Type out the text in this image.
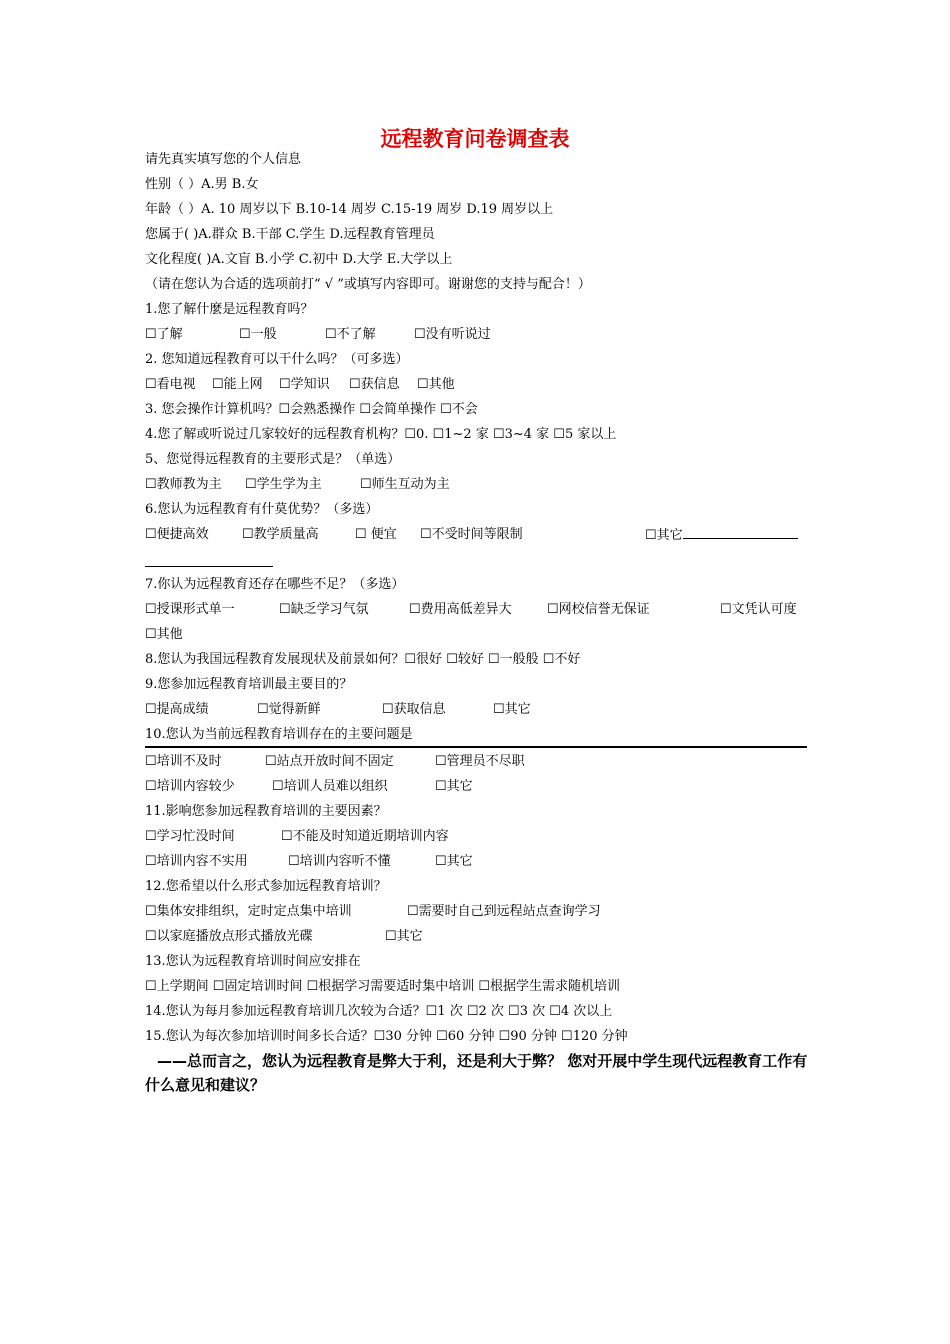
远程教育问卷调查表
请先真实填写您的个人信息
性别（ ）A.男 B.女
年龄（ ）A. 10 周岁以下 B.10-14 周岁 C.15-19 周岁 D.19 周岁以上
您属于( )A.群众 B.干部 C.学生 D.远程教育管理员
文化程度( )A.文盲 B.小学 C.初中 D.大学 E.大学以上
（请在您认为合适的选项前打“ √ ”或填写内容即可。谢谢您的支持与配合！）
1.您了解什麼是远程教育吗？
☐了解	☐一般	☐不了解	☐没有听说过
2. 您知道远程教育可以干什么吗？（可多选）
☐看电视 ☐能上网 ☐学知识 ☐获信息 ☐其他
3. 您会操作计算机吗？☐会熟悉操作 ☐会简单操作 ☐不会
4.您了解或听说过几家较好的远程教育机构？☐0. ☐1~2 家 ☐3~4 家 ☐5 家以上
5、您觉得远程教育的主要形式是？（单选）
☐教师教为主 ☐学生学为主	☐师生互动为主
6.您认为远程教育有什莫优势？（多选）
☐便捷高效	☐教学质量高	☐ 便宜 ☐不受时间等限制	☐其它
7.你认为远程教育还存在哪些不足？（多选）
☐授课形式单一	☐缺乏学习气氛	☐费用高低差异大	☐网校信誉无保证	☐文凭认可度
☐其他
8.您认为我国远程教育发展现状及前景如何？☐很好 ☐较好 ☐一般般 ☐不好
9.您参加远程教育培训最主要目的？
☐提高成绩	☐觉得新鲜	☐获取信息	☐其它
10.您认为当前远程教育培训存在的主要问题是
☐培训不及时	☐站点开放时间不固定	☐管理员不尽职
☐培训内容较少	☐培训人员难以组织	☐其它
11.影响您参加远程教育培训的主要因素？
☐学习忙没时间	☐不能及时知道近期培训内容
☐培训内容不实用	☐培训内容听不懂	☐其它
12.您希望以什么形式参加远程教育培训？
☐集体安排组织，定时定点集中培训	☐需要时自己到远程站点查询学习
☐以家庭播放点形式播放光碟	☐其它
13.您认为远程教育培训时间应安排在
☐上学期间 ☐固定培训时间 ☐根据学习需要适时集中培训 ☐根据学生需求随机培训
14.您认为每月参加远程教育培训几次较为合适？☐1 次 ☐2 次 ☐3 次 ☐4 次以上
15.您认为每次参加培训时间多长合适？☐30 分钟 ☐60 分钟 ☐90 分钟 ☐120 分钟
——总而言之，您认为远程教育是弊大于利，还是利大于弊？ 您对开展中学生现代远程教育工作有什么意见和建议？
